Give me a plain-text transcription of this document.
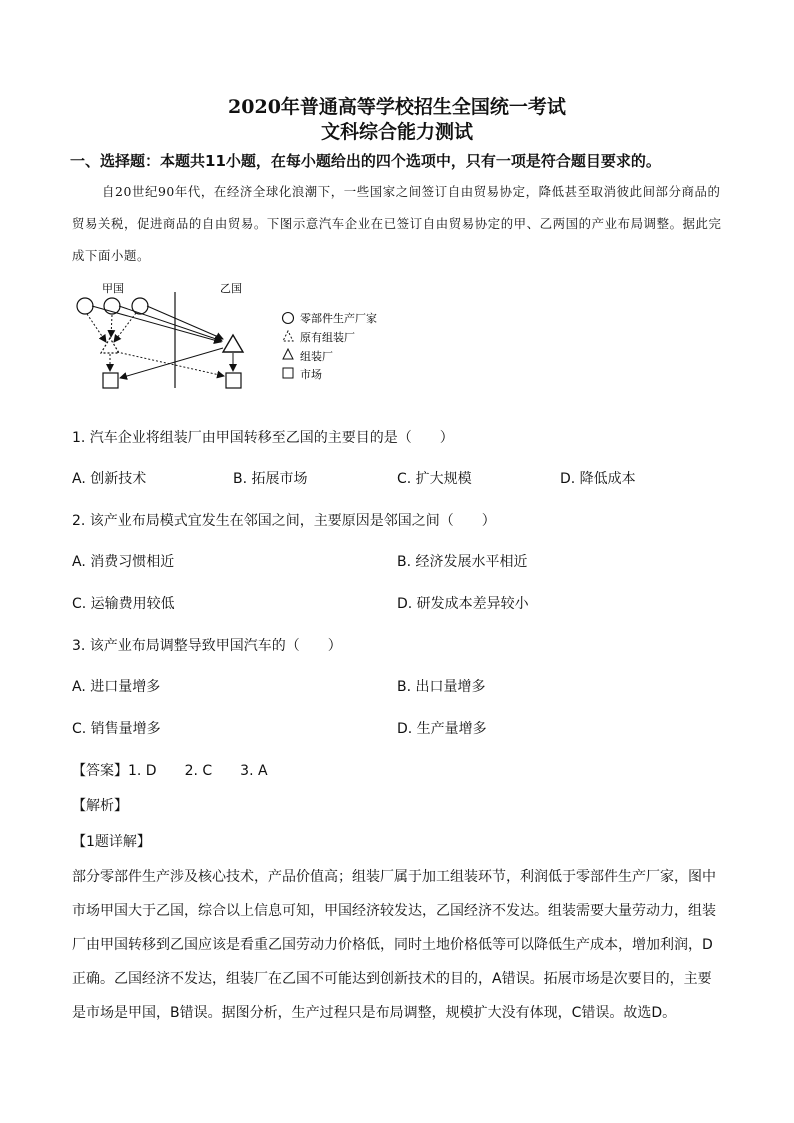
2020年普通高等学校招生全国统一考试
文科综合能力测试
一、选择题：本题共11小题，在每小题给出的四个选项中，只有一项是符合题目要求的。
自20世纪90年代，在经济全球化浪潮下，一些国家之间签订自由贸易协定，降低甚至取消彼此间部分商品的贸易关税，促进商品的自由贸易。下图示意汽车企业在已签订自由贸易协定的甲、乙两国的产业布局调整。据此完成下面小题。
甲国	乙国
零部件生产厂家
原有组装厂
组装厂
市场
1. 汽车企业将组装厂由甲国转移至乙国的主要目的是（　　）
A. 创新技术	B. 拓展市场	C. 扩大规模	D. 降低成本
2. 该产业布局模式宜发生在邻国之间，主要原因是邻国之间（　　）
A. 消费习惯相近	B. 经济发展水平相近
C. 运输费用较低	D. 研发成本差异较小
3. 该产业布局调整导致甲国汽车的（　　）
A. 进口量增多	B. 出口量增多
C. 销售量增多	D. 生产量增多
【答案】1. D　　2. C　　3. A
【解析】
【1题详解】
部分零部件生产涉及核心技术，产品价值高；组装厂属于加工组装环节，利润低于零部件生产厂家，图中市场甲国大于乙国，综合以上信息可知，甲国经济较发达，乙国经济不发达。组装需要大量劳动力，组装厂由甲国转移到乙国应该是看重乙国劳动力价格低，同时土地价格低等可以降低生产成本，增加利润，D正确。乙国经济不发达，组装厂在乙国不可能达到创新技术的目的，A错误。拓展市场是次要目的，主要是市场是甲国，B错误。据图分析，生产过程只是布局调整，规模扩大没有体现，C错误。故选D。
